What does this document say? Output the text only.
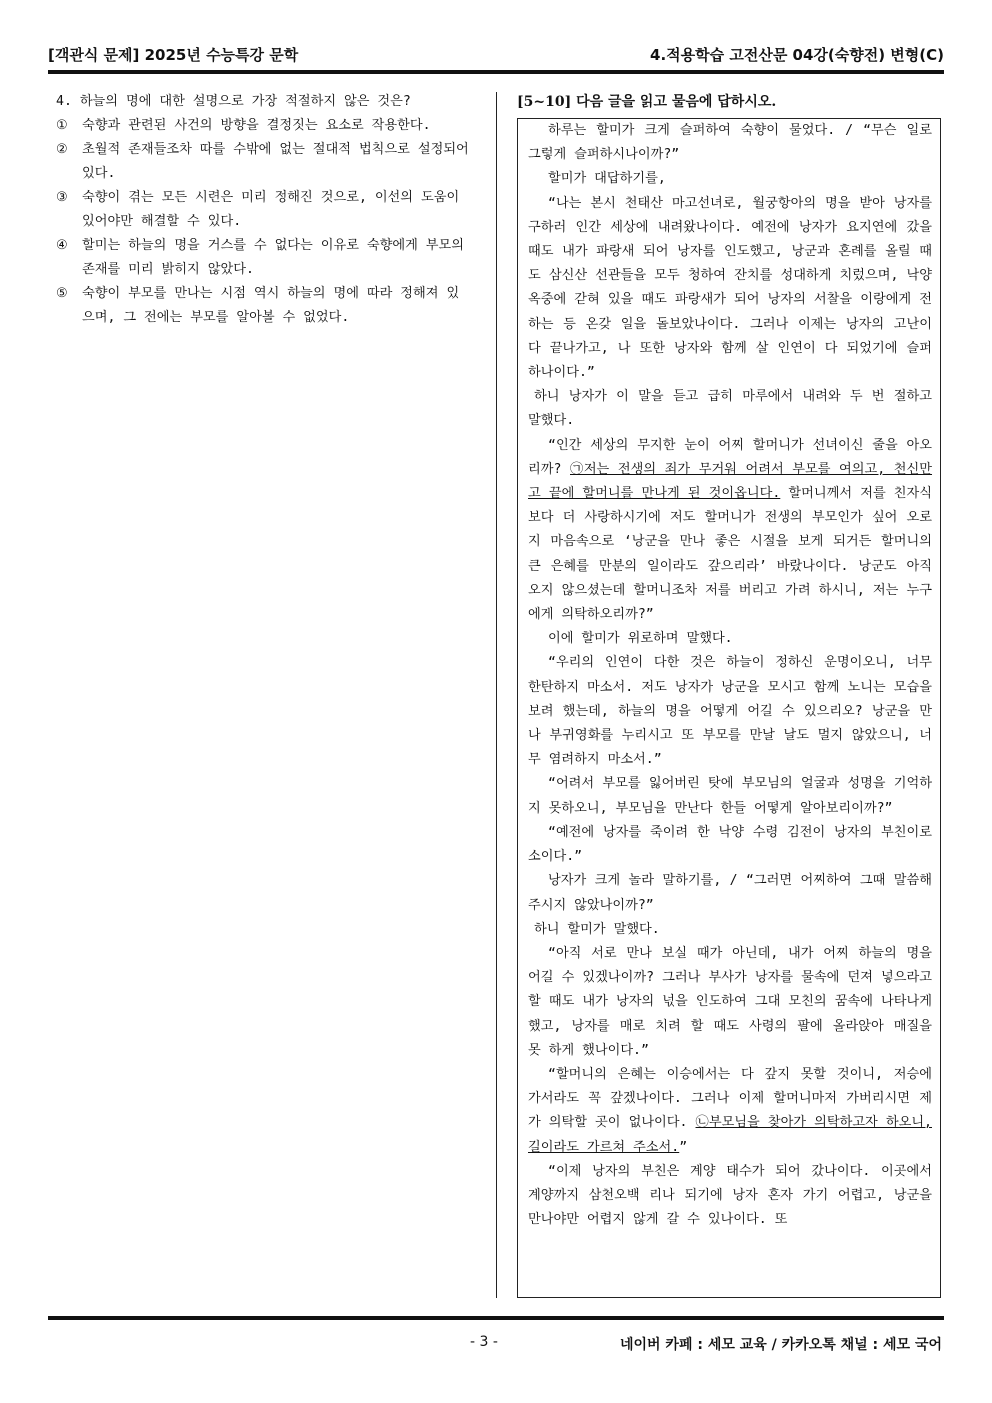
[객관식 문제] 2025년 수능특강 문학	4.적용학습 고전산문 04강(숙향전) 변형(C)
4. 하늘의 명에 대한 설명으로 가장 적절하지 않은 것은?
① 숙향과 관련된 사건의 방향을 결정짓는 요소로 작용한다.
② 초월적 존재들조차 따를 수밖에 없는 절대적 법칙으로 설정되어 있다.
③ 숙향이 겪는 모든 시련은 미리 정해진 것으로, 이선의 도움이 있어야만 해결할 수 있다.
④ 할미는 하늘의 명을 거스를 수 없다는 이유로 숙향에게 부모의 존재를 미리 밝히지 않았다.
⑤ 숙향이 부모를 만나는 시점 역시 하늘의 명에 따라 정해져 있으며, 그 전에는 부모를 알아볼 수 없었다.
[5~10] 다음 글을 읽고 물음에 답하시오.

하루는 할미가 크게 슬퍼하여 숙향이 물었다. / “무슨 일로 그렇게 슬퍼하시나이까?”

할미가 대답하기를,

“나는 본시 천태산 마고선녀로, 월궁항아의 명을 받아 낭자를 구하러 인간 세상에 내려왔나이다. 예전에 낭자가 요지연에 갔을 때도 내가 파랑새 되어 낭자를 인도했고, 낭군과 혼례를 올릴 때도 삼신산 선관들을 모두 청하여 잔치를 성대하게 치렀으며, 낙양 옥중에 갇혀 있을 때도 파랑새가 되어 낭자의 서찰을 이랑에게 전하는 등 온갖 일을 돌보았나이다. 그러나 이제는 낭자의 고난이 다 끝나가고, 나 또한 낭자와 함께 살 인연이 다 되었기에 슬퍼하나이다.”

하니 낭자가 이 말을 듣고 급히 마루에서 내려와 두 번 절하고 말했다.

“인간 세상의 무지한 눈이 어찌 할머니가 선녀이신 줄을 아오리까? ㉠저는 전생의 죄가 무거워 어려서 부모를 여의고, 천신만고 끝에 할머니를 만나게 된 것이옵니다. 할머니께서 저를 친자식보다 더 사랑하시기에 저도 할머니가 전생의 부모인가 싶어 오로지 마음속으로 ‘낭군을 만나 좋은 시절을 보게 되거든 할머니의 큰 은혜를 만분의 일이라도 갚으리라’ 바랐나이다. 낭군도 아직 오지 않으셨는데 할머니조차 저를 버리고 가려 하시니, 저는 누구에게 의탁하오리까?”

이에 할미가 위로하며 말했다.

“우리의 인연이 다한 것은 하늘이 정하신 운명이오니, 너무 한탄하지 마소서. 저도 낭자가 낭군을 모시고 함께 노니는 모습을 보려 했는데, 하늘의 명을 어떻게 어길 수 있으리오? 낭군을 만나 부귀영화를 누리시고 또 부모를 만날 날도 멀지 않았으니, 너무 염려하지 마소서.”

“어려서 부모를 잃어버린 탓에 부모님의 얼굴과 성명을 기억하지 못하오니, 부모님을 만난다 한들 어떻게 알아보리이까?”

“예전에 낭자를 죽이려 한 낙양 수령 김전이 낭자의 부친이로소이다.”

낭자가 크게 놀라 말하기를, / “그러면 어찌하여 그때 말씀해 주시지 않았나이까?”

하니 할미가 말했다.

“아직 서로 만나 보실 때가 아닌데, 내가 어찌 하늘의 명을 어길 수 있겠나이까? 그러나 부사가 낭자를 물속에 던져 넣으라고 할 때도 내가 낭자의 넋을 인도하여 그대 모친의 꿈속에 나타나게 했고, 낭자를 매로 치려 할 때도 사령의 팔에 올라앉아 매질을 못 하게 했나이다.”

“할머니의 은혜는 이승에서는 다 갚지 못할 것이니, 저승에 가서라도 꼭 갚겠나이다. 그러나 이제 할머니마저 가버리시면 제가 의탁할 곳이 없나이다. ㉡부모님을 찾아가 의탁하고자 하오니, 길이라도 가르쳐 주소서.”

“이제 낭자의 부친은 계양 태수가 되어 갔나이다. 이곳에서 계양까지 삼천오백 리나 되기에 낭자 혼자 가기 어렵고, 낭군을 만나야만 어렵지 않게 갈 수 있나이다. 또

- 3 -	네이버 카페 : 세모 교육 / 카카오톡 채널 : 세모 국어
